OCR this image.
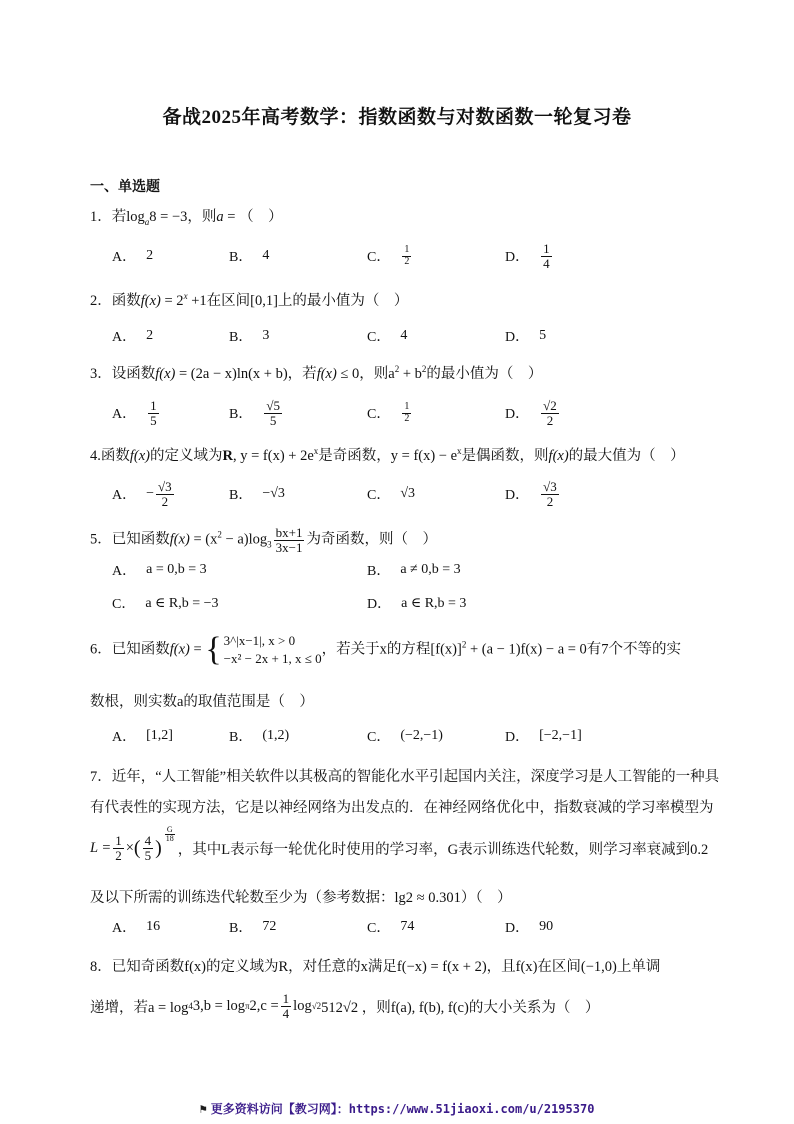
备战2025年高考数学：指数函数与对数函数一轮复习卷
一、单选题
1．若$\log_a8 = -3$，则a = （　）
A． 2	B． 4	C． $\frac{1}{2}$	D． $\frac{1}{4}$
2．函数$f(x) = 2^x +1$在区间[0,1]上的最小值为（　）
A． 2	B． 3	C． 4	D． 5
3．设函数f(x) = (2a − x)ln(x + b)，若f(x) ≤ 0，则$a^2 + b^2$的最小值为（　）
A． $\frac{1}{5}$	B． $\frac{√5}{5}$	C． $\frac{1}{2}$	D． $\frac{√2}{2}$
4.函数f(x)的定义域为R, $y = f(x) + 2e^x$是奇函数，$y = f(x) - e^x$是偶函数，则f(x)的最大值为（　）
A． − $\frac{√3}{2}$	B． −√3	C． √3	D． $\frac{√3}{2}$
5．已知函数$f(x) = (x^2 - a)\log_3 \frac{bx+1}{3x-1}$ 为奇函数，则（　）
A． a = 0,b = 3	B． a ≠ 0,b = 3
C． a ∈ R,b = −3	D． a ∈ R,b = 3
6．已知函数f(x) = { 3^|x−1|, x > 0
−x² − 2x + 1, x ≤ 0
，若关于x的方程$[f(x)]^2 + (a - 1)f(x) - a = 0$有7个不等的实
数根，则实数a的取值范围是（　）
A． [1,2]	B． (1,2)	C． (−2,−1)	D． [−2,−1]
7．近年，“人工智能”相关软件以其极高的智能化水平引起国内关注，深度学习是人工智能的一种具
有代表性的实现方法，它是以神经网络为出发点的．在神经网络优化中，指数衰减的学习率模型为
$L = \frac{1}{2}$ × ( $\frac{4}{5}$ )
$\frac{G}{18}$
，其中L表示每一轮优化时使用的学习率，G表示训练迭代轮数，则学习率衰减到0.2
及以下所需的训练迭代轮数至少为（参考数据：lg2 ≈ 0.301）（　）
A． 16	B． 72	C． 74	D． 90
8．已知奇函数f(x)的定义域为R，对任意的x满足f(−x) = f(x + 2)，且f(x)在区间(−1,0)上单调
递增，若a = log 4 3,b = log π $2,c = \frac{1}{4}$ log √2 512√2 ，则f(a), f(b), f(c)的大小关系为（　）
⚑ 更多资料访问【教习网】：https://www.51jiaoxi.com/u/2195370
